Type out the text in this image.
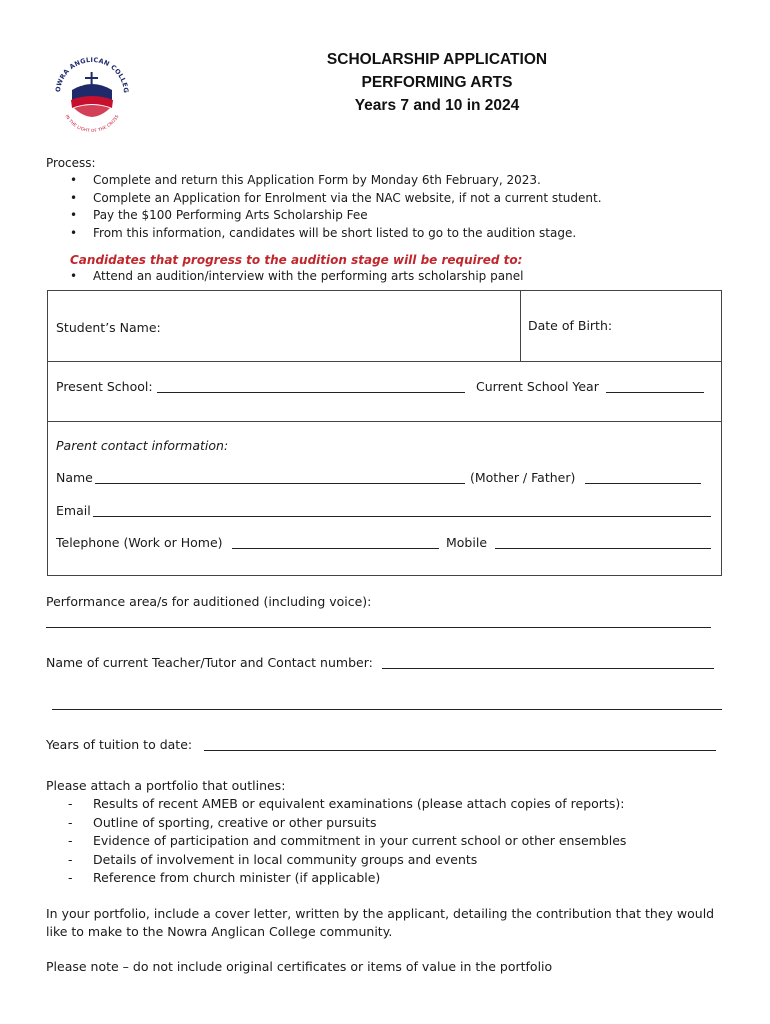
OWRA ANGLICAN COLLEG
IN THE LIGHT OF THE CROSS
SCHOLARSHIP APPLICATION
PERFORMING ARTS
Years 7 and 10 in 2024
Process:
• Complete and return this Application Form by Monday 6th February, 2023.
• Complete an Application for Enrolment via the NAC website, if not a current student.
• Pay the $100 Performing Arts Scholarship Fee
• From this information, candidates will be short listed to go to the audition stage.
Candidates that progress to the audition stage will be required to:
• Attend an audition/interview with the performing arts scholarship panel
Student’s Name:	Date of Birth:
Present School:	Current School Year
Parent contact information:
Name	(Mother / Father)
Email
Telephone (Work or Home)	Mobile
Performance area/s for auditioned (including voice):
Name of current Teacher/Tutor and Contact number:
Years of tuition to date:
Please attach a portfolio that outlines:
- Results of recent AMEB or equivalent examinations (please attach copies of reports):
- Outline of sporting, creative or other pursuits
- Evidence of participation and commitment in your current school or other ensembles
- Details of involvement in local community groups and events
- Reference from church minister (if applicable)
In your portfolio, include a cover letter, written by the applicant, detailing the contribution that they would
like to make to the Nowra Anglican College community.
Please note – do not include original certificates or items of value in the portfolio
